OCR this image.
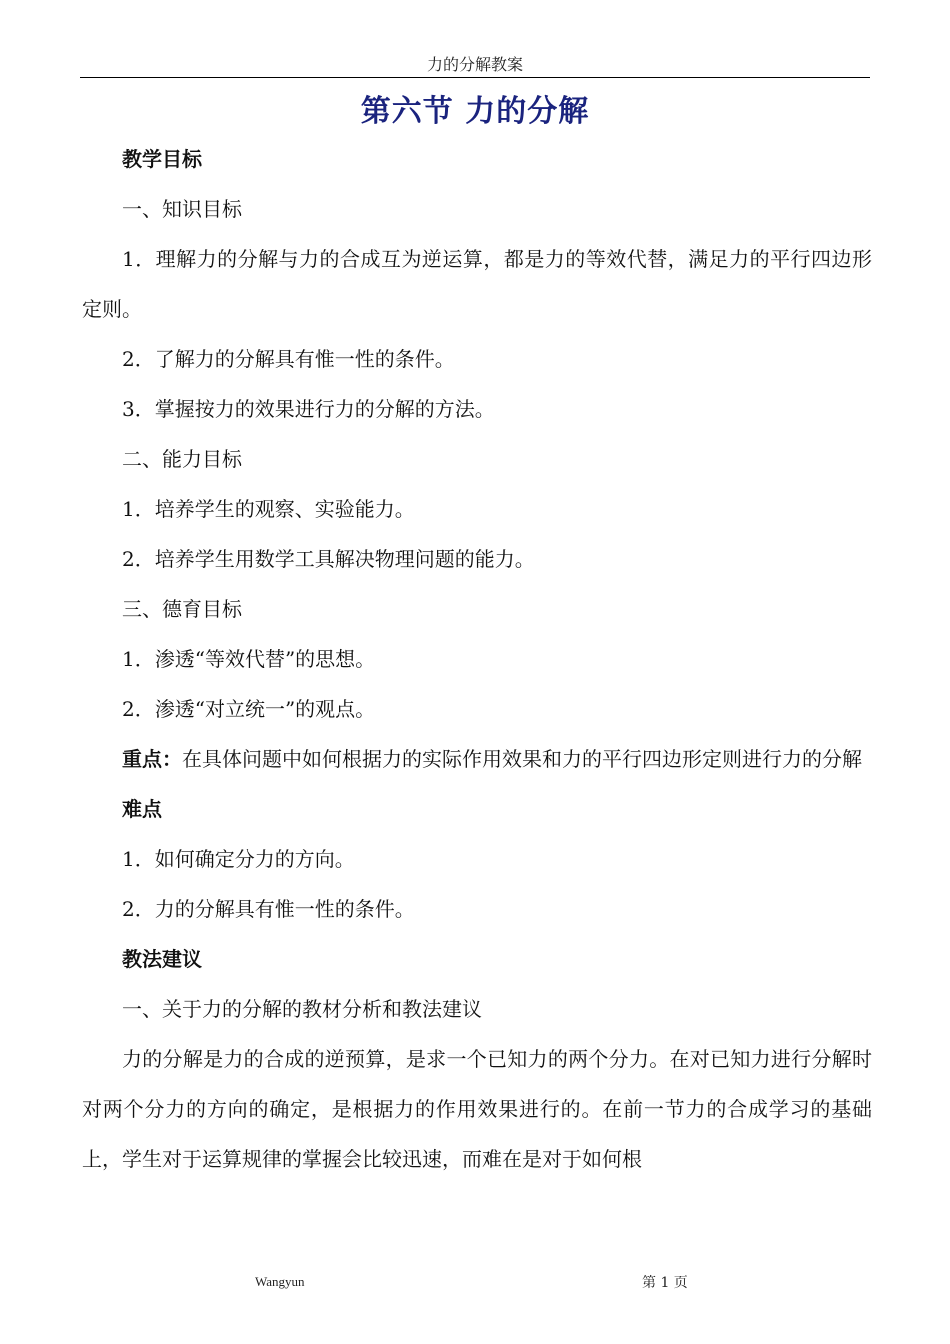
力的分解教案
第六节 力的分解

教学目标

一、知识目标

1．理解力的分解与力的合成互为逆运算，都是力的等效代替，满足力的平行四边形定则。

2．了解力的分解具有惟一性的条件。

3．掌握按力的效果进行力的分解的方法。

二、能力目标

1．培养学生的观察、实验能力。

2．培养学生用数学工具解决物理问题的能力。

三、德育目标

1．渗透“等效代替”的思想。

2．渗透“对立统一”的观点。

重点：在具体问题中如何根据力的实际作用效果和力的平行四边形定则进行力的分解

难点

1．如何确定分力的方向。

2．力的分解具有惟一性的条件。

教法建议

一、关于力的分解的教材分析和教法建议

力的分解是力的合成的逆预算，是求一个已知力的两个分力。在对已知力进行分解时对两个分力的方向的确定，是根据力的作用效果进行的。在前一节力的合成学习的基础上，学生对于运算规律的掌握会比较迅速，而难在是对于如何根

Wangyun	第 1 页
